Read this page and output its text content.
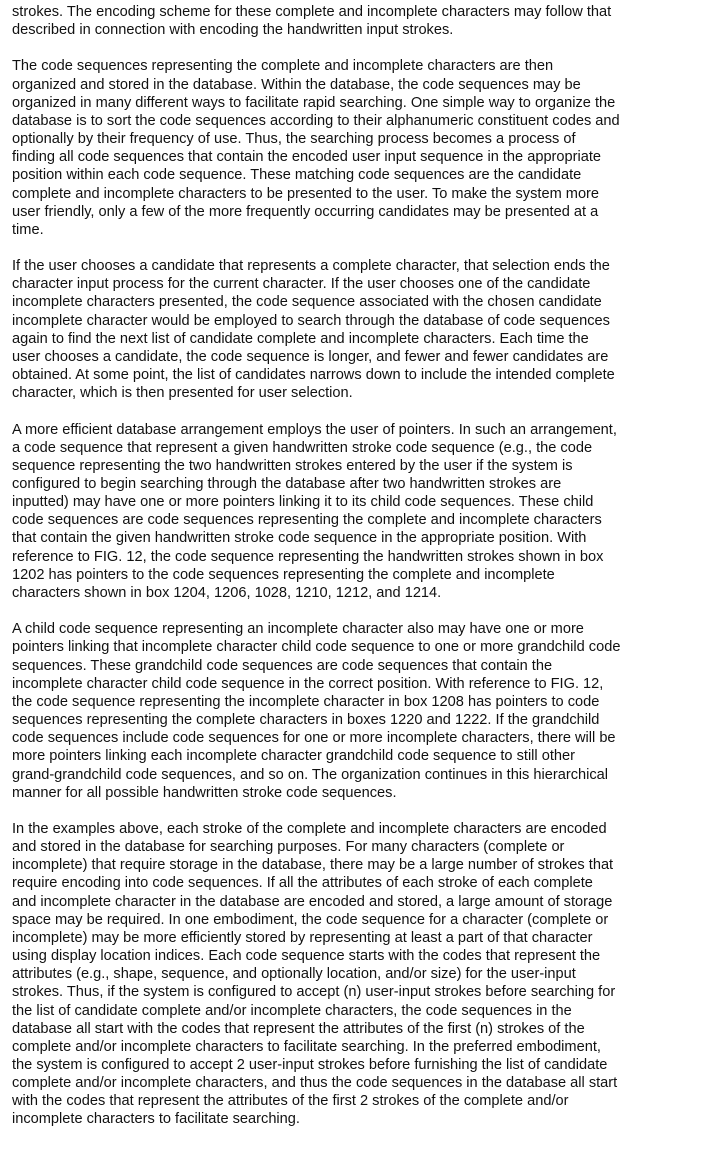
strokes. The encoding scheme for these complete and incomplete characters may follow that
described in connection with encoding the handwritten input strokes.

The code sequences representing the complete and incomplete characters are then
organized and stored in the database. Within the database, the code sequences may be
organized in many different ways to facilitate rapid searching. One simple way to organize the
database is to sort the code sequences according to their alphanumeric constituent codes and
optionally by their frequency of use. Thus, the searching process becomes a process of
finding all code sequences that contain the encoded user input sequence in the appropriate
position within each code sequence. These matching code sequences are the candidate
complete and incomplete characters to be presented to the user. To make the system more
user friendly, only a few of the more frequently occurring candidates may be presented at a
time.

If the user chooses a candidate that represents a complete character, that selection ends the
character input process for the current character. If the user chooses one of the candidate
incomplete characters presented, the code sequence associated with the chosen candidate
incomplete character would be employed to search through the database of code sequences
again to find the next list of candidate complete and incomplete characters. Each time the
user chooses a candidate, the code sequence is longer, and fewer and fewer candidates are
obtained. At some point, the list of candidates narrows down to include the intended complete
character, which is then presented for user selection.

A more efficient database arrangement employs the user of pointers. In such an arrangement,
a code sequence that represent a given handwritten stroke code sequence (e.g., the code
sequence representing the two handwritten strokes entered by the user if the system is
configured to begin searching through the database after two handwritten strokes are
inputted) may have one or more pointers linking it to its child code sequences. These child
code sequences are code sequences representing the complete and incomplete characters
that contain the given handwritten stroke code sequence in the appropriate position. With
reference to FIG. 12, the code sequence representing the handwritten strokes shown in box
1202 has pointers to the code sequences representing the complete and incomplete
characters shown in box 1204, 1206, 1028, 1210, 1212, and 1214.

A child code sequence representing an incomplete character also may have one or more
pointers linking that incomplete character child code sequence to one or more grandchild code
sequences. These grandchild code sequences are code sequences that contain the
incomplete character child code sequence in the correct position. With reference to FIG. 12,
the code sequence representing the incomplete character in box 1208 has pointers to code
sequences representing the complete characters in boxes 1220 and 1222. If the grandchild
code sequences include code sequences for one or more incomplete characters, there will be
more pointers linking each incomplete character grandchild code sequence to still other
grand-grandchild code sequences, and so on. The organization continues in this hierarchical
manner for all possible handwritten stroke code sequences.

In the examples above, each stroke of the complete and incomplete characters are encoded
and stored in the database for searching purposes. For many characters (complete or
incomplete) that require storage in the database, there may be a large number of strokes that
require encoding into code sequences. If all the attributes of each stroke of each complete
and incomplete character in the database are encoded and stored, a large amount of storage
space may be required. In one embodiment, the code sequence for a character (complete or
incomplete) may be more efficiently stored by representing at least a part of that character
using display location indices. Each code sequence starts with the codes that represent the
attributes (e.g., shape, sequence, and optionally location, and/or size) for the user-input
strokes. Thus, if the system is configured to accept (n) user-input strokes before searching for
the list of candidate complete and/or incomplete characters, the code sequences in the
database all start with the codes that represent the attributes of the first (n) strokes of the
complete and/or incomplete characters to facilitate searching. In the preferred embodiment,
the system is configured to accept 2 user-input strokes before furnishing the list of candidate
complete and/or incomplete characters, and thus the code sequences in the database all start
with the codes that represent the attributes of the first 2 strokes of the complete and/or
incomplete characters to facilitate searching.
